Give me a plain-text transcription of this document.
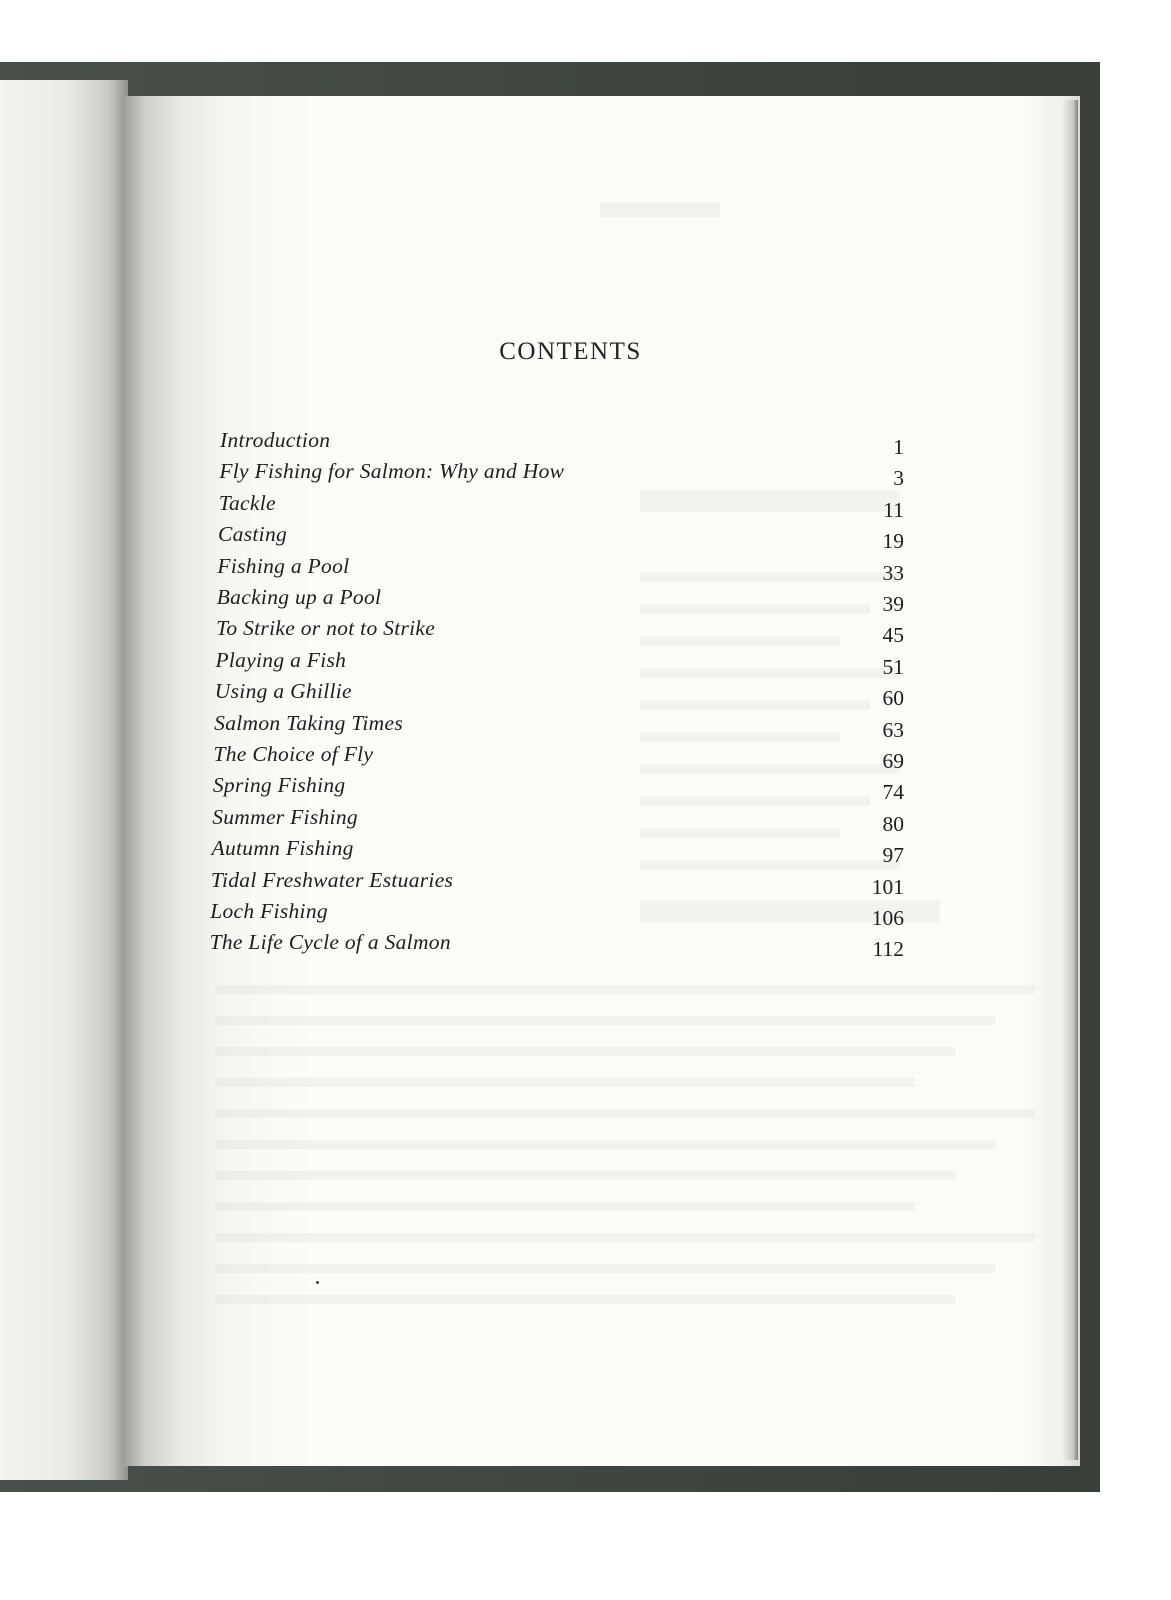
CONTENTS
Introduction	1
Fly Fishing for Salmon: Why and How	3
Tackle	11
Casting	19
Fishing a Pool	33
Backing up a Pool	39
To Strike or not to Strike	45
Playing a Fish	51
Using a Ghillie	60
Salmon Taking Times	63
The Choice of Fly	69
Spring Fishing	74
Summer Fishing	80
Autumn Fishing	97
Tidal Freshwater Estuaries	101
Loch Fishing	106
The Life Cycle of a Salmon	112
